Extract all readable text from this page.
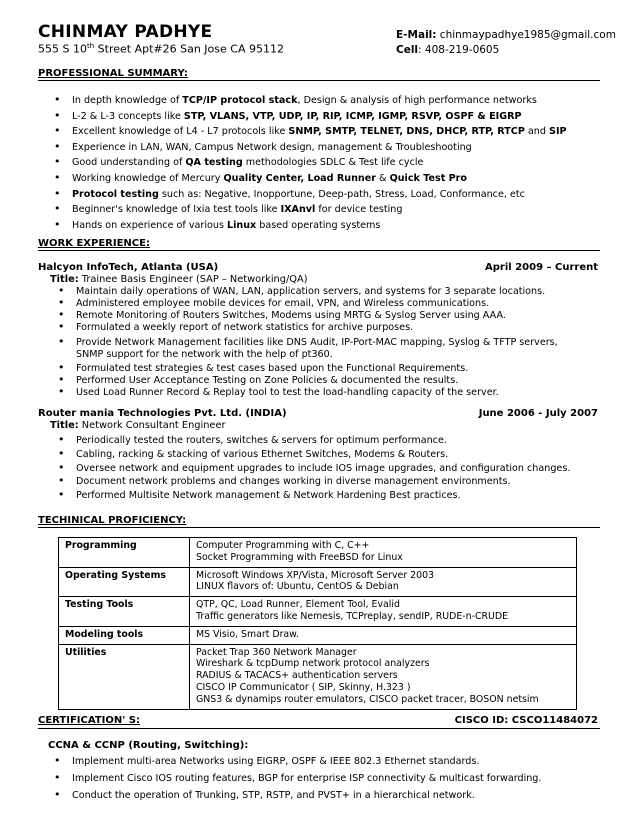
CHINMAY PADHYE
555 S 10th Street Apt#26 San Jose CA 95112
E-Mail: chinmaypadhye1985@gmail.com
Cell: 408-219-0605
PROFESSIONAL SUMMARY:
• In depth knowledge of TCP/IP protocol stack, Design & analysis of high performance networks
• L-2 & L-3 concepts like STP, VLANS, VTP, UDP, IP, RIP, ICMP, IGMP, RSVP, OSPF & EIGRP
• Excellent knowledge of L4 - L7 protocols like SNMP, SMTP, TELNET, DNS, DHCP, RTP, RTCP and SIP
• Experience in LAN, WAN, Campus Network design, management & Troubleshooting
• Good understanding of QA testing methodologies SDLC & Test life cycle
• Working knowledge of Mercury Quality Center, Load Runner & Quick Test Pro
• Protocol testing such as: Negative, Inopportune, Deep-path, Stress, Load, Conformance, etc
• Beginner's knowledge of Ixia test tools like IXAnvl for device testing
• Hands on experience of various Linux based operating systems
WORK EXPERIENCE:
Halcyon InfoTech, Atlanta (USA)	April 2009 – Current
Title: Trainee Basis Engineer (SAP – Networking/QA)
• Maintain daily operations of WAN, LAN, application servers, and systems for 3 separate locations.
• Administered employee mobile devices for email, VPN, and Wireless communications.
• Remote Monitoring of Routers Switches, Modems using MRTG & Syslog Server using AAA.
• Formulated a weekly report of network statistics for archive purposes.
• Provide Network Management facilities like DNS Audit, IP-Port-MAC mapping, Syslog & TFTP servers, SNMP support for the network with the help of pt360.
• Formulated test strategies & test cases based upon the Functional Requirements.
• Performed User Acceptance Testing on Zone Policies & documented the results.
• Used Load Runner Record & Replay tool to test the load-handling capacity of the server.
Router mania Technologies Pvt. Ltd. (INDIA)	June 2006 - July 2007
Title: Network Consultant Engineer
• Periodically tested the routers, switches & servers for optimum performance.
• Cabling, racking & stacking of various Ethernet Switches, Modems & Routers.
• Oversee network and equipment upgrades to include IOS image upgrades, and configuration changes.
• Document network problems and changes working in diverse management environments.
• Performed Multisite Network management & Network Hardening Best practices.
TECHINICAL PROFICIENCY:
Programming	Computer Programming with C, C++
Socket Programming with FreeBSD for Linux

Operating Systems	Microsoft Windows XP/Vista, Microsoft Server 2003
LINUX flavors of: Ubuntu, CentOS & Debian

Testing Tools	QTP, QC, Load Runner, Element Tool, Evalid
Traffic generators like Nemesis, TCPreplay, sendIP, RUDE-n-CRUDE

Modeling tools	MS Visio, Smart Draw.

Utilities	Packet Trap 360 Network Manager
Wireshark & tcpDump network protocol analyzers
RADIUS & TACACS+ authentication servers
CISCO IP Communicator ( SIP, Skinny, H.323 )
GNS3 & dynamips router emulators, CISCO packet tracer, BOSON netsim
CERTIFICATION' S:	CISCO ID: CSCO11484072
CCNA & CCNP (Routing, Switching):
• Implement multi-area Networks using EIGRP, OSPF & IEEE 802.3 Ethernet standards.
• Implement Cisco IOS routing features, BGP for enterprise ISP connectivity & multicast forwarding.
• Conduct the operation of Trunking, STP, RSTP, and PVST+ in a hierarchical network.
